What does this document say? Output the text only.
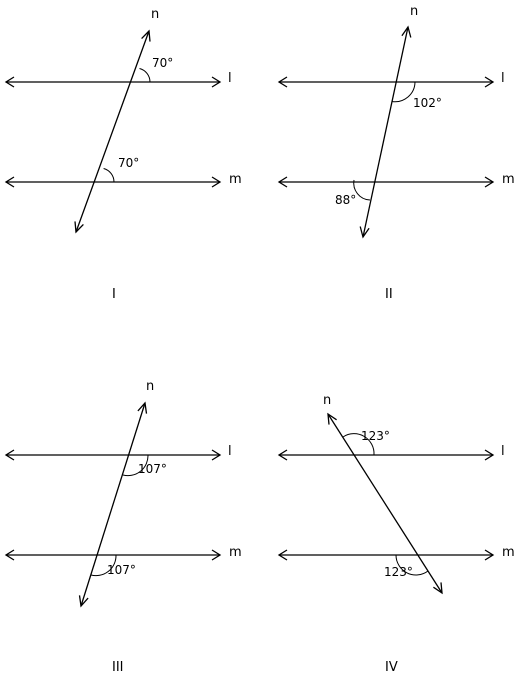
l
m
n
70°
70°
I
l
m
n
102°
88°
II
l
m
n
107°
107°
III
l
m
n
123°
123°
IV
